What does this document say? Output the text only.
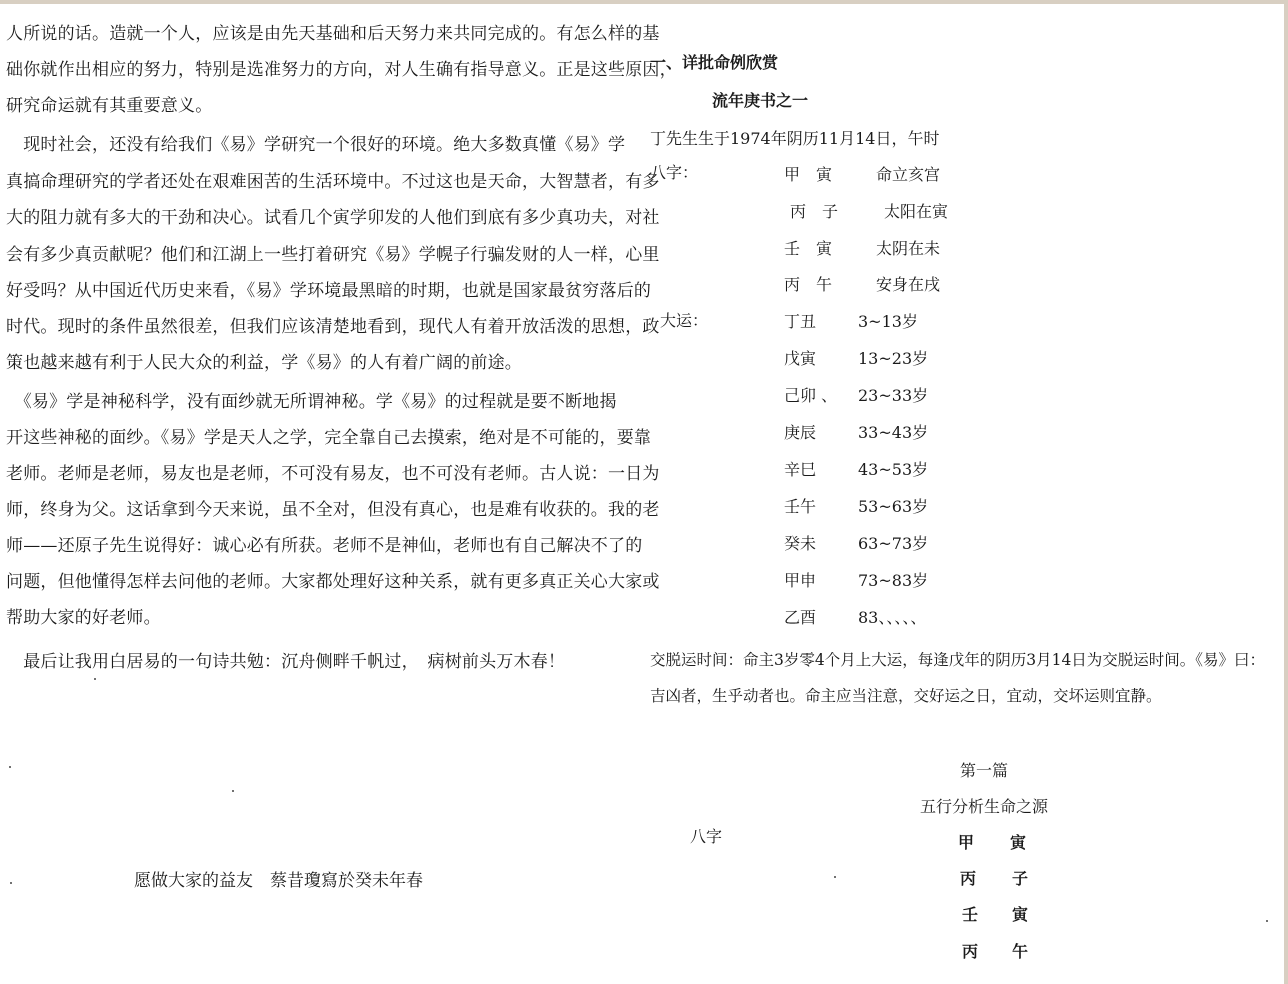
人所说的话。造就一个人，应该是由先天基础和后天努力来共同完成的。有怎么样的基
础你就作出相应的努力，特别是选准努力的方向，对人生确有指导意义。正是这些原因，
研究命运就有其重要意义。
　现时社会，还没有给我们《易》学研究一个很好的环境。绝大多数真懂《易》学
真搞命理研究的学者还处在艰难困苦的生活环境中。不过这也是天命，大智慧者，有多
大的阻力就有多大的干劲和决心。试看几个寅学卯发的人他们到底有多少真功夫，对社
会有多少真贡献呢？他们和江湖上一些打着研究《易》学幌子行骗发财的人一样，心里
好受吗？从中国近代历史来看，《易》学环境最黑暗的时期，也就是国家最贫穷落后的
时代。现时的条件虽然很差，但我们应该清楚地看到，现代人有着开放活泼的思想，政
策也越来越有利于人民大众的利益，学《易》的人有着广阔的前途。
　《易》学是神秘科学，没有面纱就无所谓神秘。学《易》的过程就是要不断地揭
开这些神秘的面纱。《易》学是天人之学，完全靠自己去摸索，绝对是不可能的，要靠
老师。老师是老师，易友也是老师，不可没有易友，也不可没有老师。古人说：一日为
师，终身为父。这话拿到今天来说，虽不全对，但没有真心，也是难有收获的。我的老
师——还原子先生说得好：诚心必有所获。老师不是神仙，老师也有自己解决不了的
问题，但他懂得怎样去问他的老师。大家都处理好这种关系，就有更多真正关心大家或
帮助大家的好老师。
　最后让我用白居易的一句诗共勉：沉舟侧畔千帆过，　病树前头万木春！
愿做大家的益友　蔡昔瓊寫於癸未年春
一、详批命例欣赏
流年庚书之一
丁先生生于1974年阴历11月14日，午时
八字：	甲　寅	命立亥宫
丙　子	太阳在寅
壬　寅	太阴在未
丙　午	安身在戌
大运：	丁丑	3~13岁
戊寅	13~23岁
己卯 、 23~33岁
庚辰	33~43岁
辛巳	43~53岁
壬午	53~63岁
癸未	63~73岁
甲申	73~83岁
乙酉	83、、、、、
交脱运时间：命主3岁零4个月上大运，每逢戊年的阴历3月14日为交脱运时间。《易》曰：
吉凶者，生乎动者也。命主应当注意，交好运之日，宜动，交坏运则宜静。
第一篇
五行分析生命之源
八字	甲 寅
丙 子
壬 寅
丙 午
